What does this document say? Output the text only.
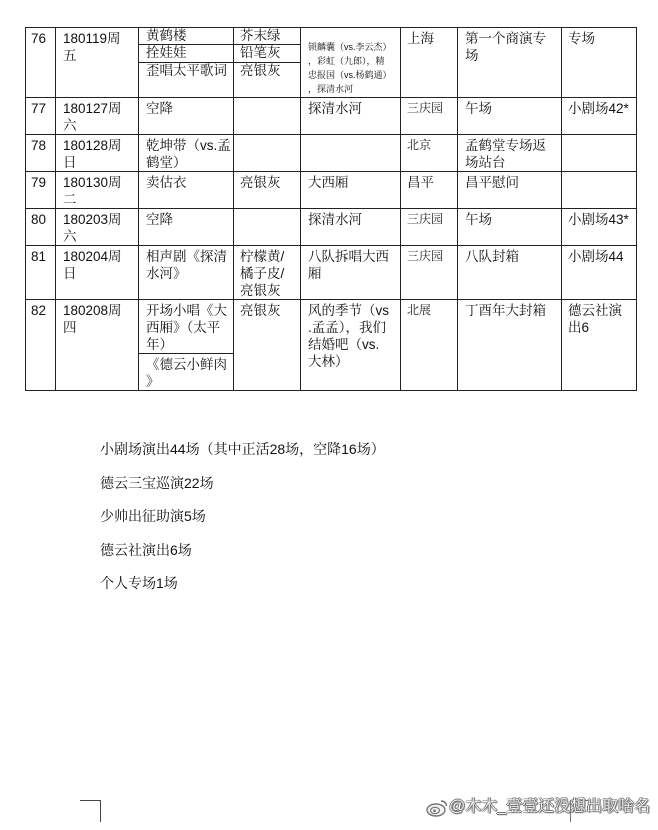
76	180119周五	黄鹤楼	芥末绿	锁麟囊（vs.李云杰），彩虹（九郎），精忠报国（vs.杨鹤通），探清水河	上海	第一个商演专场	专场
		拴娃娃	铅笔灰				
		歪唱太平歌词	亮银灰				
77	180127周六	空降		探清水河	三庆园	午场	小剧场42*
78	180128周日	乾坤带（vs.孟鹤堂）			北京	孟鹤堂专场返场站台	
79	180130周二	卖估衣	亮银灰	大西厢	昌平	昌平慰问	
80	180203周六	空降		探清水河	三庆园	午场	小剧场43*
81	180204周日	相声剧《探清水河》	柠檬黄/橘子皮/亮银灰	八队拆唱大西厢	三庆园	八队封箱	小剧场44
82	180208周四	开场小唱《大西厢》（太平年）	亮银灰	风的季节（vs.孟孟），我们结婚吧（vs.大林）	北展	丁酉年大封箱	德云社演出6
		《德云小鲜肉》					
小剧场演出44场（其中正活28场，空降16场）
德云三宝巡演22场
少帅出征助演5场
德云社演出6场
个人专场1场
@木木_壹壹还没想出取啥名
